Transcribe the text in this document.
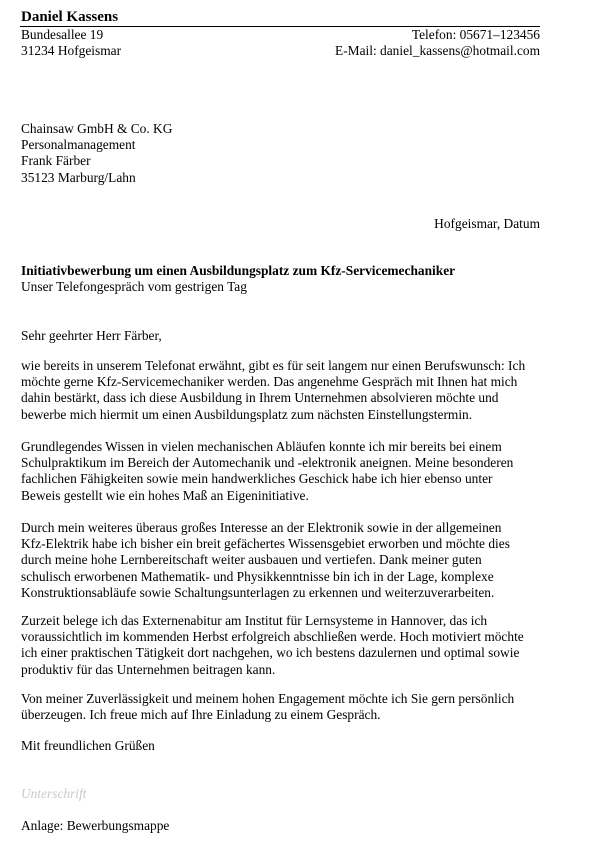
Daniel Kassens
Bundesallee 19
31234 Hofgeismar
Telefon: 05671–123456
E-Mail: daniel_kassens@hotmail.com
Chainsaw GmbH & Co. KG
Personalmanagement
Frank Färber
35123 Marburg/Lahn
Hofgeismar, Datum
Initiativbewerbung um einen Ausbildungsplatz zum Kfz-Servicemechaniker
Unser Telefongespräch vom gestrigen Tag
Sehr geehrter Herr Färber,

wie bereits in unserem Telefonat erwähnt, gibt es für seit langem nur einen Berufswunsch: Ich
möchte gerne Kfz-Servicemechaniker werden. Das angenehme Gespräch mit Ihnen hat mich
dahin bestärkt, dass ich diese Ausbildung in Ihrem Unternehmen absolvieren möchte und
bewerbe mich hiermit um einen Ausbildungsplatz zum nächsten Einstellungstermin.

Grundlegendes Wissen in vielen mechanischen Abläufen konnte ich mir bereits bei einem
Schulpraktikum im Bereich der Automechanik und -elektronik aneignen. Meine besonderen
fachlichen Fähigkeiten sowie mein handwerkliches Geschick habe ich hier ebenso unter
Beweis gestellt wie ein hohes Maß an Eigeninitiative.

Durch mein weiteres überaus großes Interesse an der Elektronik sowie in der allgemeinen
Kfz-Elektrik habe ich bisher ein breit gefächertes Wissensgebiet erworben und möchte dies
durch meine hohe Lernbereitschaft weiter ausbauen und vertiefen. Dank meiner guten
schulisch erworbenen Mathematik- und Physikkenntnisse bin ich in der Lage, komplexe
Konstruktionsabläufe sowie Schaltungsunterlagen zu erkennen und weiterzuverarbeiten.

Zurzeit belege ich das Externenabitur am Institut für Lernsysteme in Hannover, das ich
voraussichtlich im kommenden Herbst erfolgreich abschließen werde. Hoch motiviert möchte
ich einer praktischen Tätigkeit dort nachgehen, wo ich bestens dazulernen und optimal sowie
produktiv für das Unternehmen beitragen kann.

Von meiner Zuverlässigkeit und meinem hohen Engagement möchte ich Sie gern persönlich
überzeugen. Ich freue mich auf Ihre Einladung zu einem Gespräch.

Mit freundlichen Grüßen
Unterschrift
Anlage: Bewerbungsmappe
